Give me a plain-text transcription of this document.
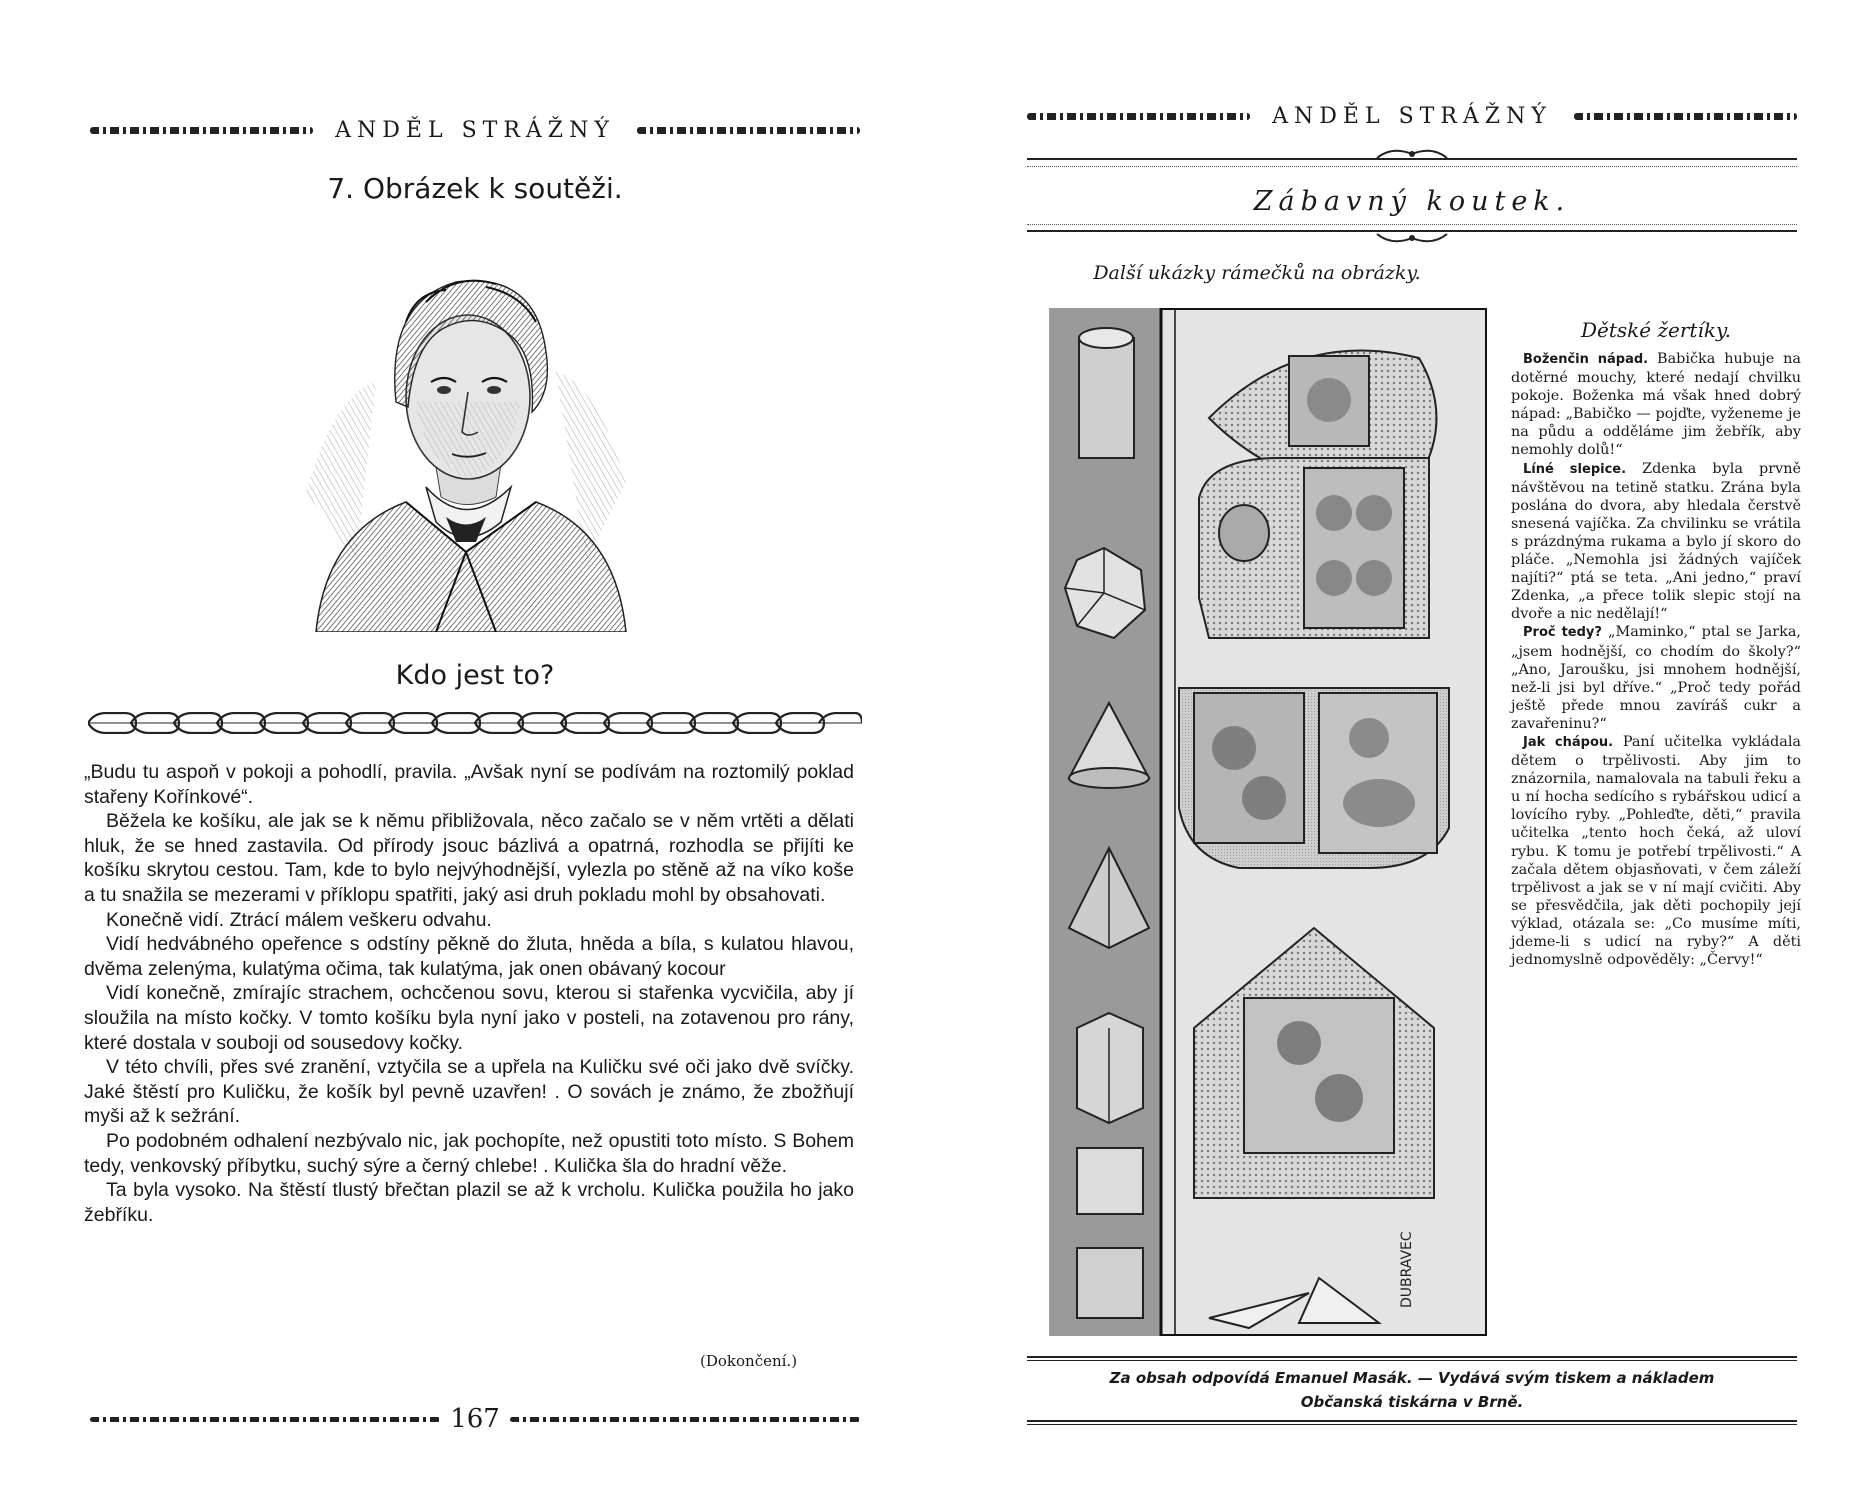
ANDĚL STRÁŽNÝ
7. Obrázek k soutěži.
Kdo jest to?

„Budu tu aspoň v pokoji a pohodlí, pravila. „Avšak nyní se podívám na roztomilý poklad stařeny Kořínkové“.

Běžela ke košíku, ale jak se k němu přibližovala, něco začalo se v něm vrtěti a dělati hluk, že se hned zastavila. Od přírody jsouc bázlivá a opatrná, rozhodla se přijíti ke košíku skrytou cestou. Tam, kde to bylo nejvýhodnější, vylezla po stěně až na víko koše a tu snažila se mezerami v příklopu spatřiti, jaký asi druh pokladu mohl by obsahovati.

Konečně vidí. Ztrácí málem veškeru odvahu.

Vidí hedvábného opeřence s odstíny pěkně do žluta, hněda a bíla, s kulatou hlavou, dvěma zelenýma, kulatýma očima, tak kulatýma, jak onen obávaný kocour

Vidí konečně, zmírajíc strachem, ochcčenou sovu, kterou si stařenka vycvičila, aby jí sloužila na místo kočky. V tomto košíku byla nyní jako v posteli, na zotavenou pro rány, které dostala v souboji od sousedovy kočky.

V této chvíli, přes své zranění, vztyčila se a upřela na Kuličku své oči jako dvě svíčky. Jaké štěstí pro Kuličku, že košík byl pevně uzavřen! . O sovách je známo, že zbožňují myši až k sežrání.

Po podobném odhalení nezbývalo nic, jak pochopíte, než opustiti toto místo. S Bohem tedy, venkovský příbytku, suchý sýre a černý chlebe! . Kulička šla do hradní věže.

Ta byla vysoko. Na štěstí tlustý břečtan plazil se až k vrcholu. Kulička použila ho jako žebříku.

(Dokončení.)
167
ANDĚL STRÁŽNÝ
Zábavný koutek.
Další ukázky rámečků na obrázky.
DUBRAVEC
Dětské žertíky.

Boženčin nápad. Babička hubuje na dotěrné mouchy, které nedají chvilku pokoje. Boženka má však hned dobrý nápad: „Babičko — pojďte, vyženeme je na půdu a odděláme jim žebřík, aby nemohly dolů!“

Líné slepice. Zdenka byla prvně návštěvou na tetině statku. Zrána byla poslána do dvora, aby hledala čerstvě snesená vajíčka. Za chvilinku se vrátila s prázdnýma rukama a bylo jí skoro do pláče. „Nemohla jsi žádných vajíček najíti?“ ptá se teta. „Ani jedno,“ praví Zdenka, „a přece tolik slepic stojí na dvoře a nic nedělají!“

Proč tedy? „Maminko,“ ptal se Jarka, „jsem hodnější, co chodím do školy?“ „Ano, Jaroušku, jsi mnohem hodnější, než-li jsi byl dříve.“ „Proč tedy pořád ještě přede mnou zavíráš cukr a zavařeninu?“

Jak chápou. Paní učitelka vykládala dětem o trpělivosti. Aby jim to znázornila, namalovala na tabuli řeku a u ní hocha sedícího s rybářskou udicí a lovícího ryby. „Pohleďte, děti,“ pravila učitelka „tento hoch čeká, až uloví rybu. K tomu je potřebí trpělivosti.“ A začala dětem objasňovati, v čem záleží trpělivost a jak se v ní mají cvičiti. Aby se přesvědčila, jak děti pochopily její výklad, otázala se: „Co musíme míti, jdeme-li s udicí na ryby?“ A děti jednomyslně odpověděly: „Červy!“

Za obsah odpovídá Emanuel Masák. — Vydává svým tiskem a nákladem
Občanská tiskárna v Brně.
